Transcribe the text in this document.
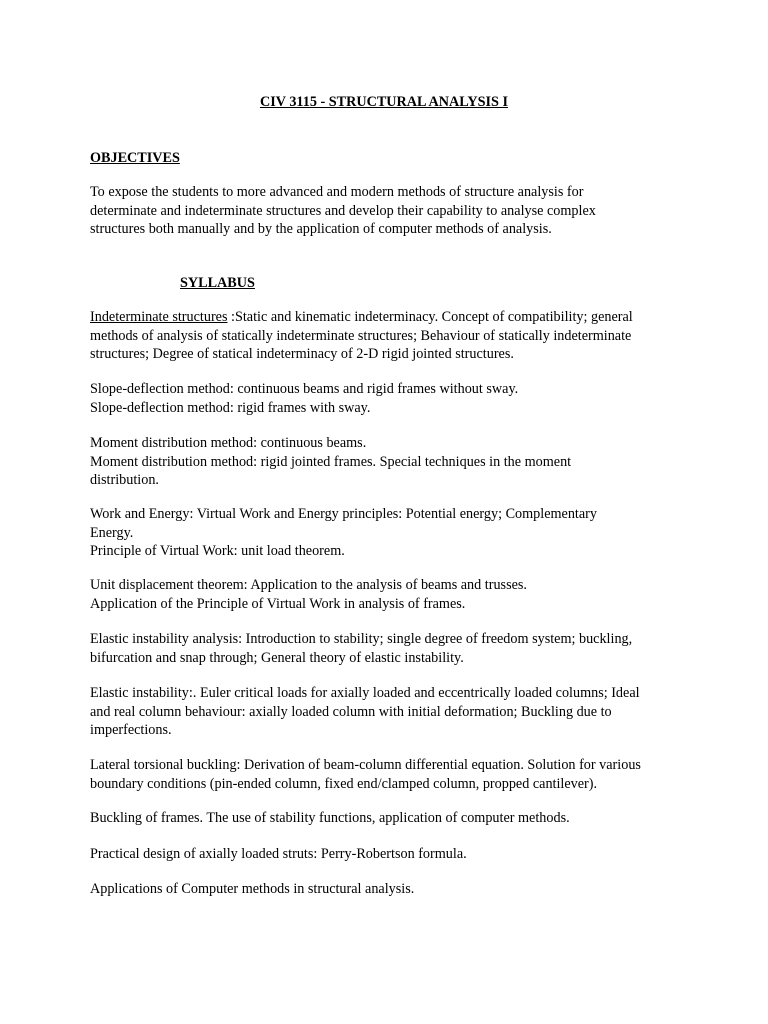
CIV 3115 - STRUCTURAL ANALYSIS I
OBJECTIVES
To expose the students to more advanced and modern methods of structure analysis for
determinate and indeterminate structures and develop their capability to analyse complex
structures both manually and by the application of computer methods of analysis.
SYLLABUS
Indeterminate structures :Static and kinematic indeterminacy. Concept of compatibility; general
methods of analysis of statically indeterminate structures; Behaviour of statically indeterminate
structures; Degree of statical indeterminacy of 2-D rigid jointed structures.
Slope-deflection method: continuous beams and rigid frames without sway.
Slope-deflection method: rigid frames with sway.
Moment distribution method: continuous beams.
Moment distribution method: rigid jointed frames. Special techniques in the moment
distribution.
Work and Energy: Virtual Work and Energy principles: Potential energy; Complementary
Energy.
Principle of Virtual Work: unit load theorem.
Unit displacement theorem: Application to the analysis of beams and trusses.
Application of the Principle of Virtual Work in analysis of frames.
Elastic instability analysis: Introduction to stability; single degree of freedom system; buckling,
bifurcation and snap through; General theory of elastic instability.
Elastic instability:. Euler critical loads for axially loaded and eccentrically loaded columns; Ideal
and real column behaviour: axially loaded column with initial deformation; Buckling due to
imperfections.
Lateral torsional buckling: Derivation of beam-column differential equation. Solution for various
boundary conditions (pin-ended column, fixed end/clamped column, propped cantilever).
Buckling of frames. The use of stability functions, application of computer methods.
Practical design of axially loaded struts: Perry-Robertson formula.
Applications of Computer methods in structural analysis.
